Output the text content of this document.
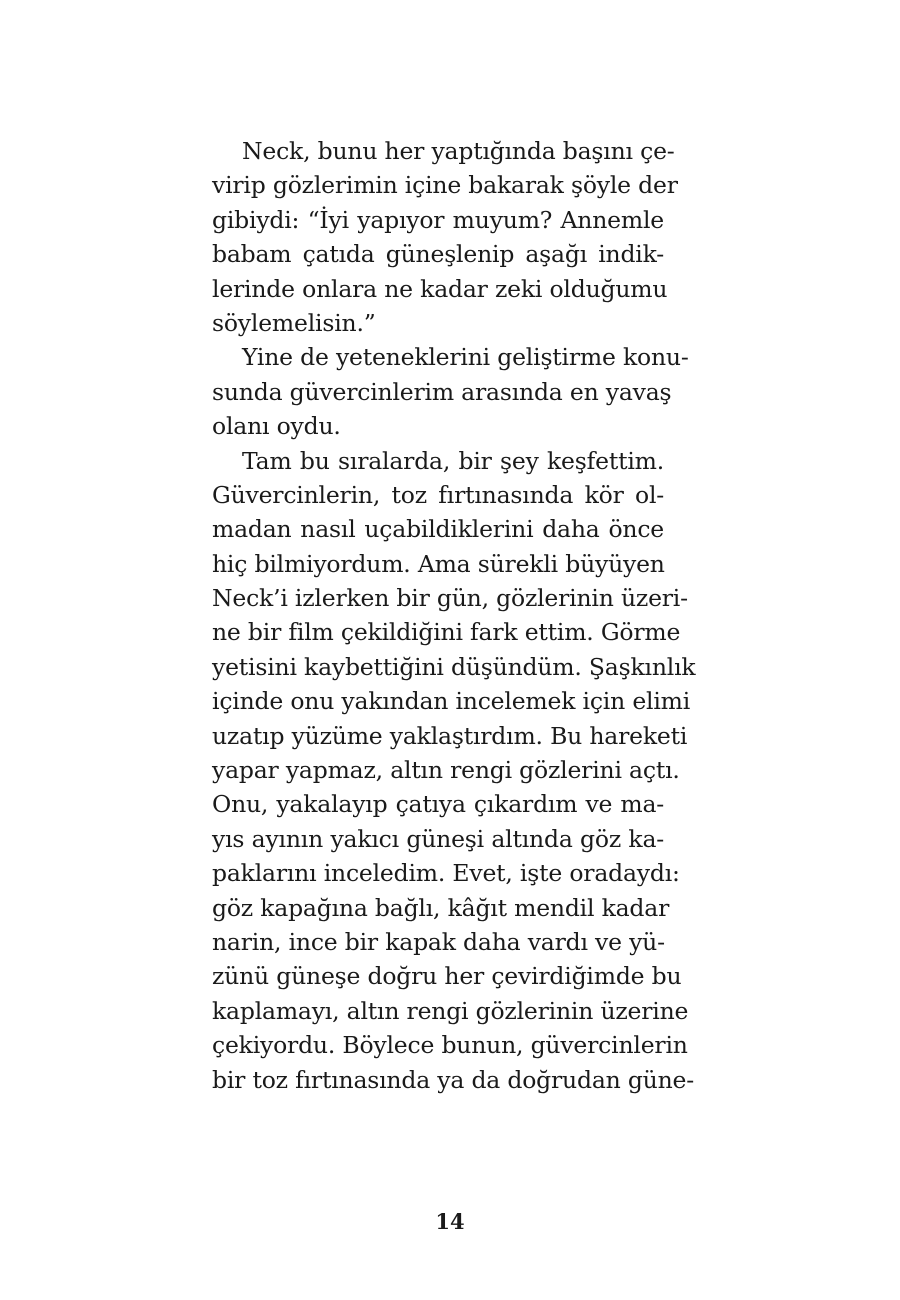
Neck, bunu her yaptığında başını çe-
virip gözlerimin içine bakarak şöyle der
gibiydi: “İyi yapıyor muyum? Annemle
babam çatıda güneşlenip aşağı indik-
lerinde onlara ne kadar zeki olduğumu
söylemelisin.”
Yine de yeteneklerini geliştirme konu-
sunda güvercinlerim arasında en yavaş
olanı oydu.
Tam bu sıralarda, bir şey keşfettim.
Güvercinlerin, toz fırtınasında kör ol-
madan nasıl uçabildiklerini daha önce
hiç bilmiyordum. Ama sürekli büyüyen
Neck’i izlerken bir gün, gözlerinin üzeri-
ne bir film çekildiğini fark ettim. Görme
yetisini kaybettiğini düşündüm. Şaşkınlık
içinde onu yakından incelemek için elimi
uzatıp yüzüme yaklaştırdım. Bu hareketi
yapar yapmaz, altın rengi gözlerini açtı.
Onu, yakalayıp çatıya çıkardım ve ma-
yıs ayının yakıcı güneşi altında göz ka-
paklarını inceledim. Evet, işte oradaydı:
göz kapağına bağlı, kâğıt mendil kadar
narin, ince bir kapak daha vardı ve yü-
zünü güneşe doğru her çevirdiğimde bu
kaplamayı, altın rengi gözlerinin üzerine
çekiyordu. Böylece bunun, güvercinlerin
bir toz fırtınasında ya da doğrudan güne-
14
